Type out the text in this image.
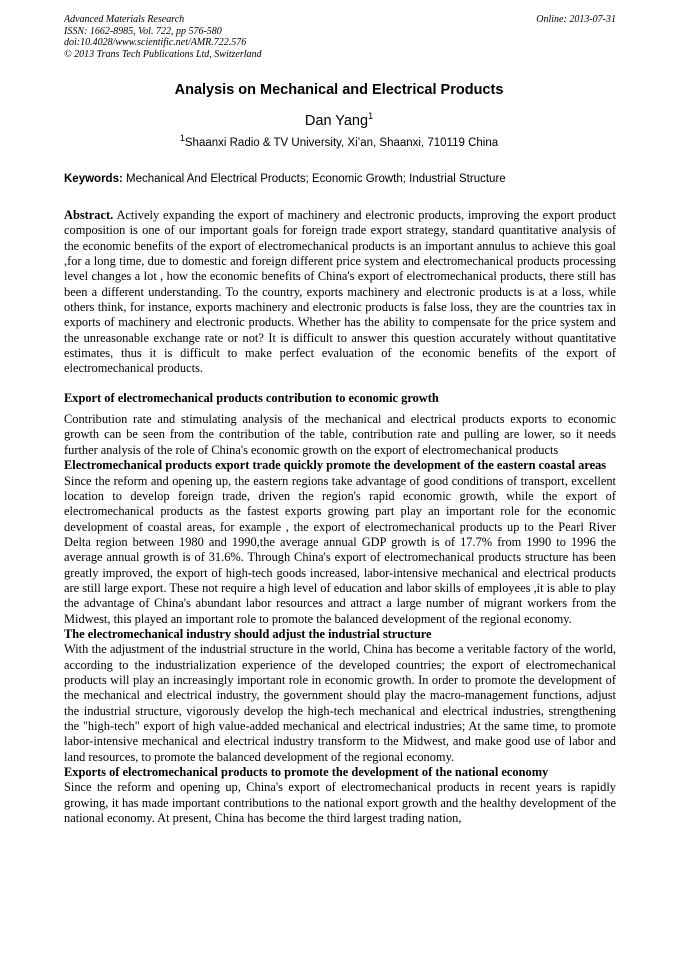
Advanced Materials Research
ISSN: 1662-8985, Vol. 722, pp 576-580
doi:10.4028/www.scientific.net/AMR.722.576
© 2013 Trans Tech Publications Ltd, Switzerland
Online: 2013-07-31
Analysis on Mechanical and Electrical Products
Dan Yang$^1$
$^1$Shaanxi Radio & TV University, Xi’an, Shaanxi, 710119 China
Keywords: Mechanical And Electrical Products; Economic Growth; Industrial Structure

Abstract. Actively expanding the export of machinery and electronic products, improving the export product composition is one of our important goals for foreign trade export strategy, standard quantitative analysis of the economic benefits of the export of electromechanical products is an important annulus to achieve this goal ,for a long time, due to domestic and foreign different price system and electromechanical products processing level changes a lot , how the economic benefits of China's export of electromechanical products, there still has been a different understanding. To the country, exports machinery and electronic products is at a loss, while others think, for instance, exports machinery and electronic products is false loss, they are the countries tax in exports of machinery and electronic products. Whether has the ability to compensate for the price system and the unreasonable exchange rate or not? It is difficult to answer this question accurately without quantitative estimates, thus it is difficult to make perfect evaluation of the economic benefits of the export of electromechanical products.

Export of electromechanical products contribution to economic growth

Contribution rate and stimulating analysis of the mechanical and electrical products exports to economic growth can be seen from the contribution of the table, contribution rate and pulling are lower, so it needs further analysis of the role of China's economic growth on the export of electromechanical products

Electromechanical products export trade quickly promote the development of the eastern coastal areas

Since the reform and opening up, the eastern regions take advantage of good conditions of transport, excellent location to develop foreign trade, driven the region's rapid economic growth, while the export of electromechanical products as the fastest exports growing part play an important role for the economic development of coastal areas, for example , the export of electromechanical products up to the Pearl River Delta region between 1980 and 1990,the average annual GDP growth is of 17.7% from 1990 to 1996 the average annual growth is of 31.6%. Through China's export of electromechanical products structure has been greatly improved, the export of high-tech goods increased, labor-intensive mechanical and electrical products are still large export. These not require a high level of education and labor skills of employees ,it is able to play the advantage of China's abundant labor resources and attract a large number of migrant workers from the Midwest, this played an important role to promote the balanced development of the regional economy.

The electromechanical industry should adjust the industrial structure

With the adjustment of the industrial structure in the world, China has become a veritable factory of the world, according to the industrialization experience of the developed countries; the export of electromechanical products will play an increasingly important role in economic growth. In order to promote the development of the mechanical and electrical industry, the government should play the macro-management functions, adjust the industrial structure, vigorously develop the high-tech mechanical and electrical industries, strengthening the "high-tech" export of high value-added mechanical and electrical industries; At the same time, to promote labor-intensive mechanical and electrical industry transform to the Midwest, and make good use of labor and land resources, to promote the balanced development of the regional economy.

Exports of electromechanical products to promote the development of the national economy

Since the reform and opening up, China's export of electromechanical products in recent years is rapidly growing, it has made important contributions to the national export growth and the healthy development of the national economy. At present, China has become the third largest trading nation,
